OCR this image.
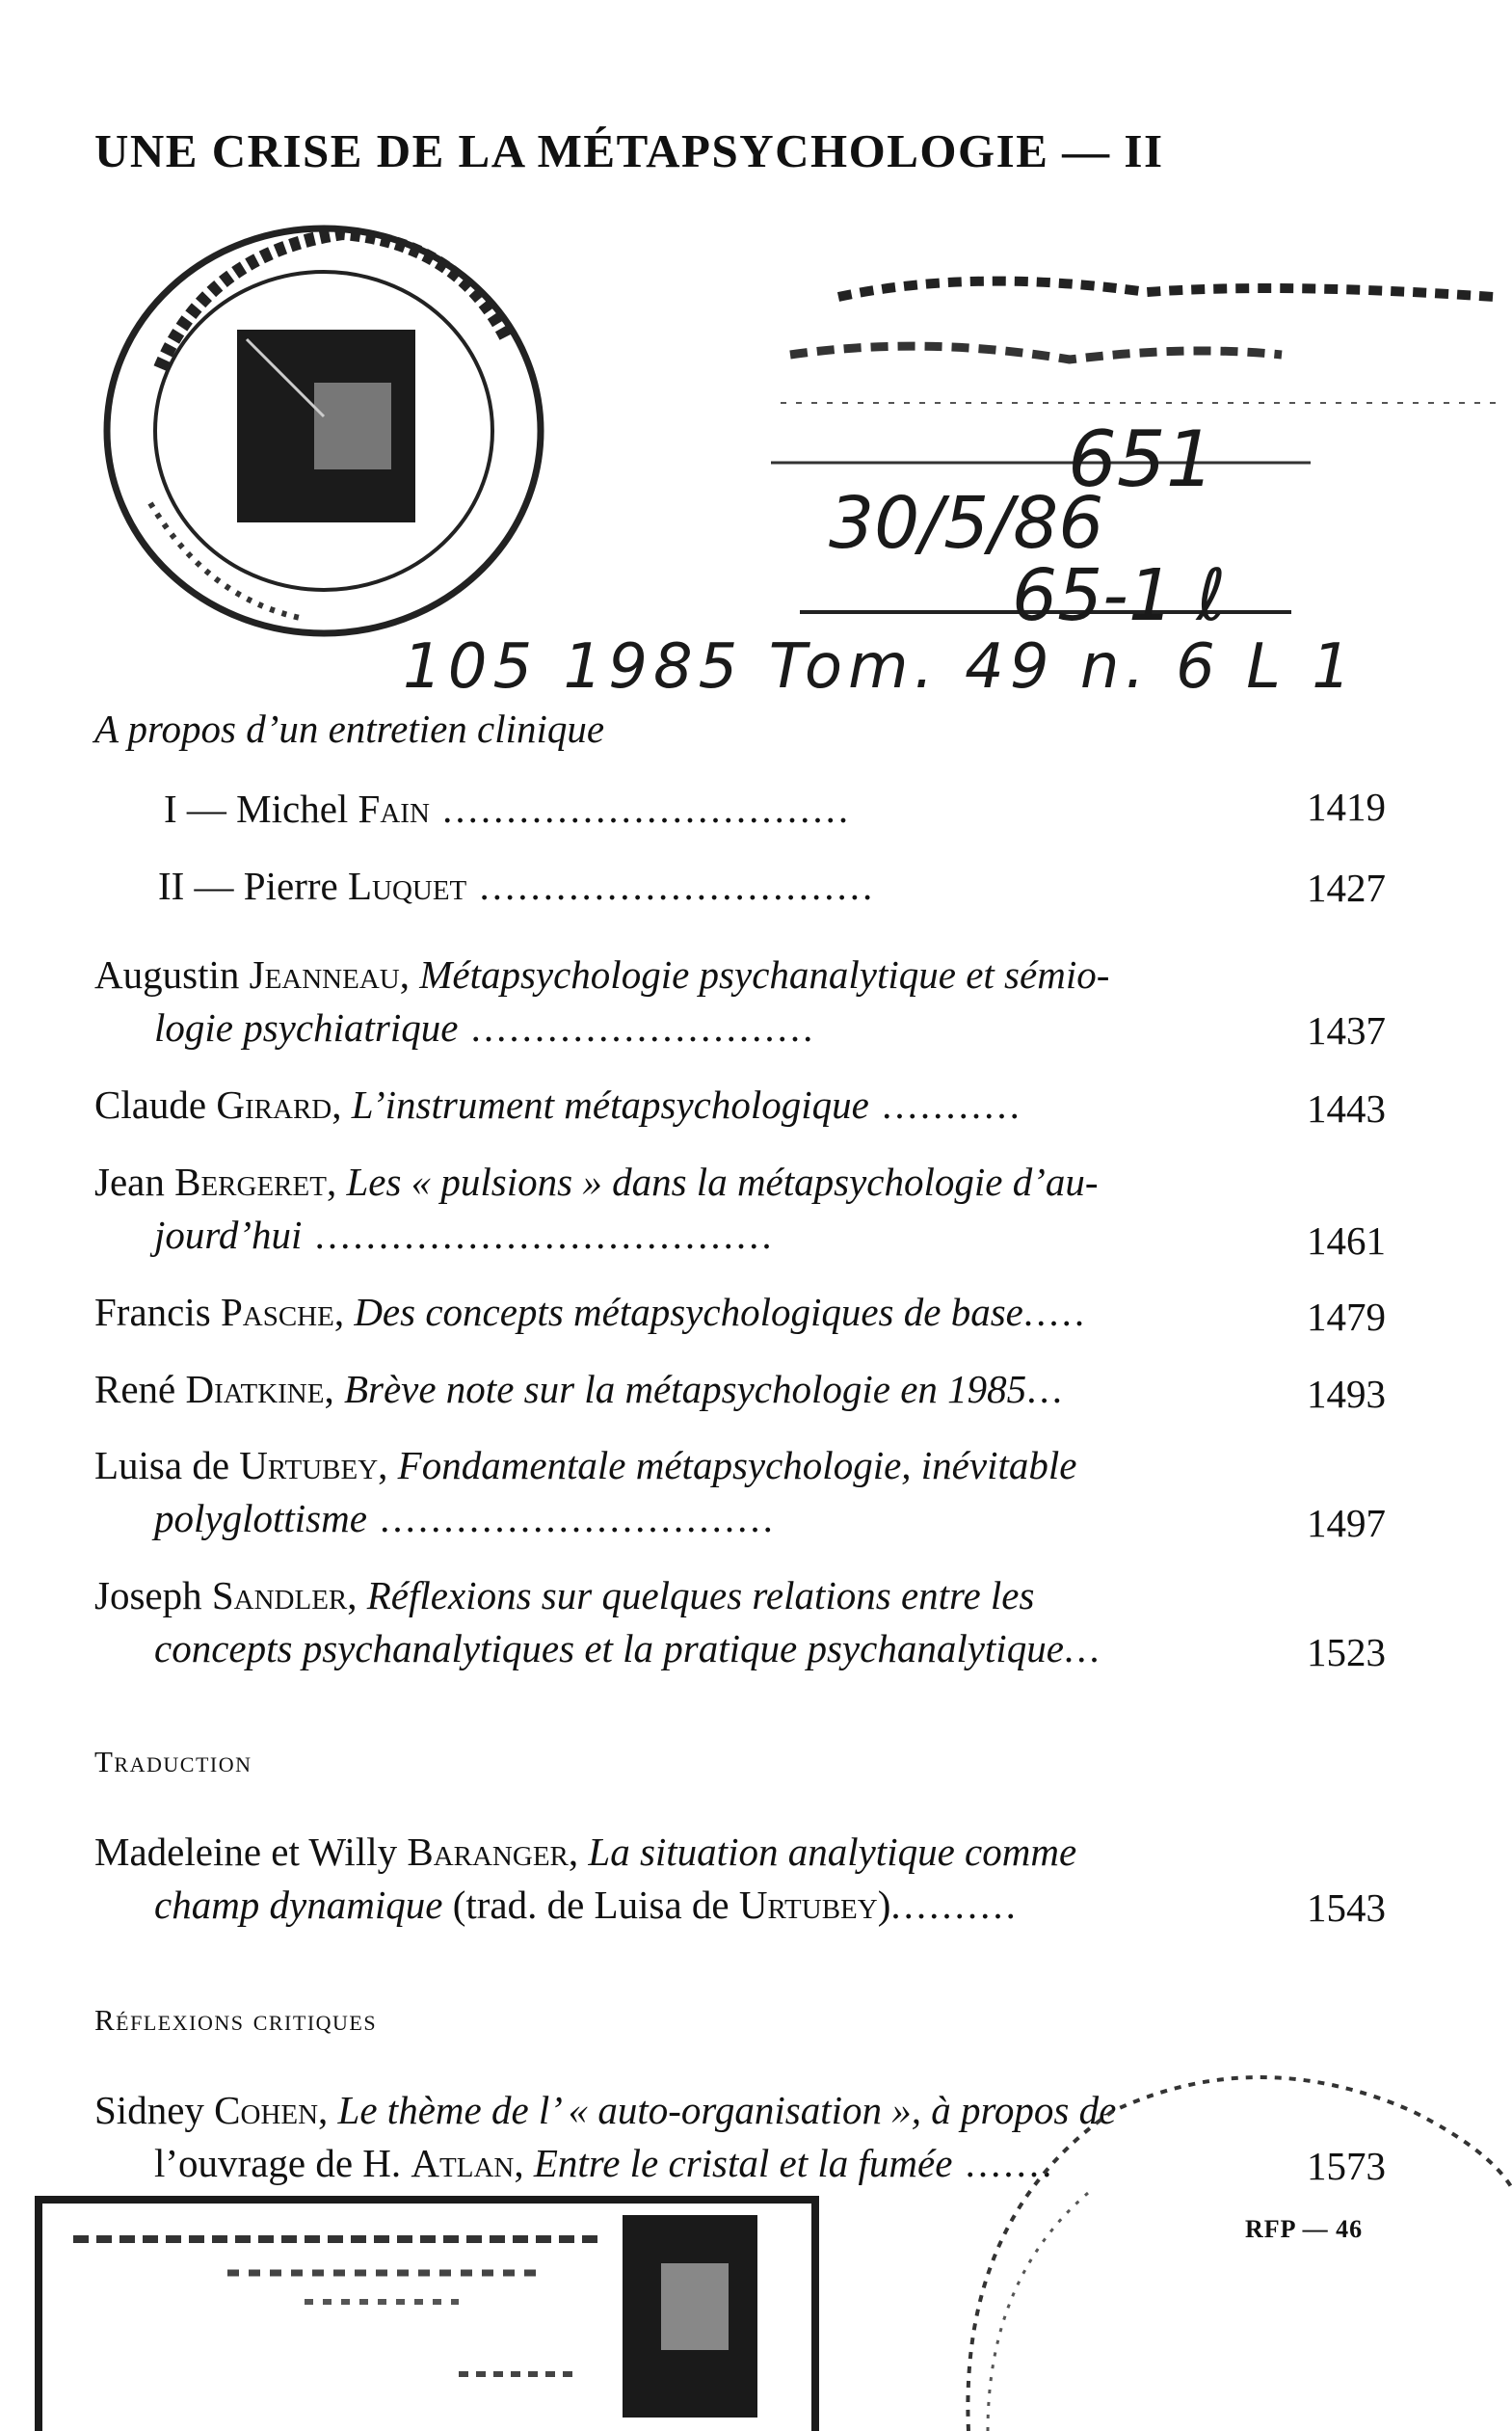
UNE CRISE DE LA MÉTAPSYCHOLOGIE — II
651
30/5/86
65-1 ℓ
105 1985 Tom. 49 n. 6 L 1
A propos d’un entretien clinique
I — Michel Fain ................................	1419
II — Pierre Luquet ...............................	1427
Augustin Jeanneau, Métapsychologie psychanalytique et sémio-
logie psychiatrique ...........................	1437
Claude Girard, L’instrument métapsychologique ...........	1443
Jean Bergeret, Les « pulsions » dans la métapsychologie d’au-
jourd’hui ....................................	1461
Francis Pasche, Des concepts métapsychologiques de base.....	1479
René Diatkine, Brève note sur la métapsychologie en 1985...	1493
Luisa de Urtubey, Fondamentale métapsychologie, inévitable
polyglottisme ...............................	1497
Joseph Sandler, Réflexions sur quelques relations entre les
concepts psychanalytiques et la pratique psychanalytique...	1523
Traduction
Madeleine et Willy Baranger, La situation analytique comme
champ dynamique (trad. de Luisa de Urtubey)..........	1543
Réflexions critiques
Sidney Cohen, Le thème de l’ « auto-organisation », à propos de
l’ouvrage de H. Atlan, Entre le cristal et la fumée .......	1573
RFP — 46
